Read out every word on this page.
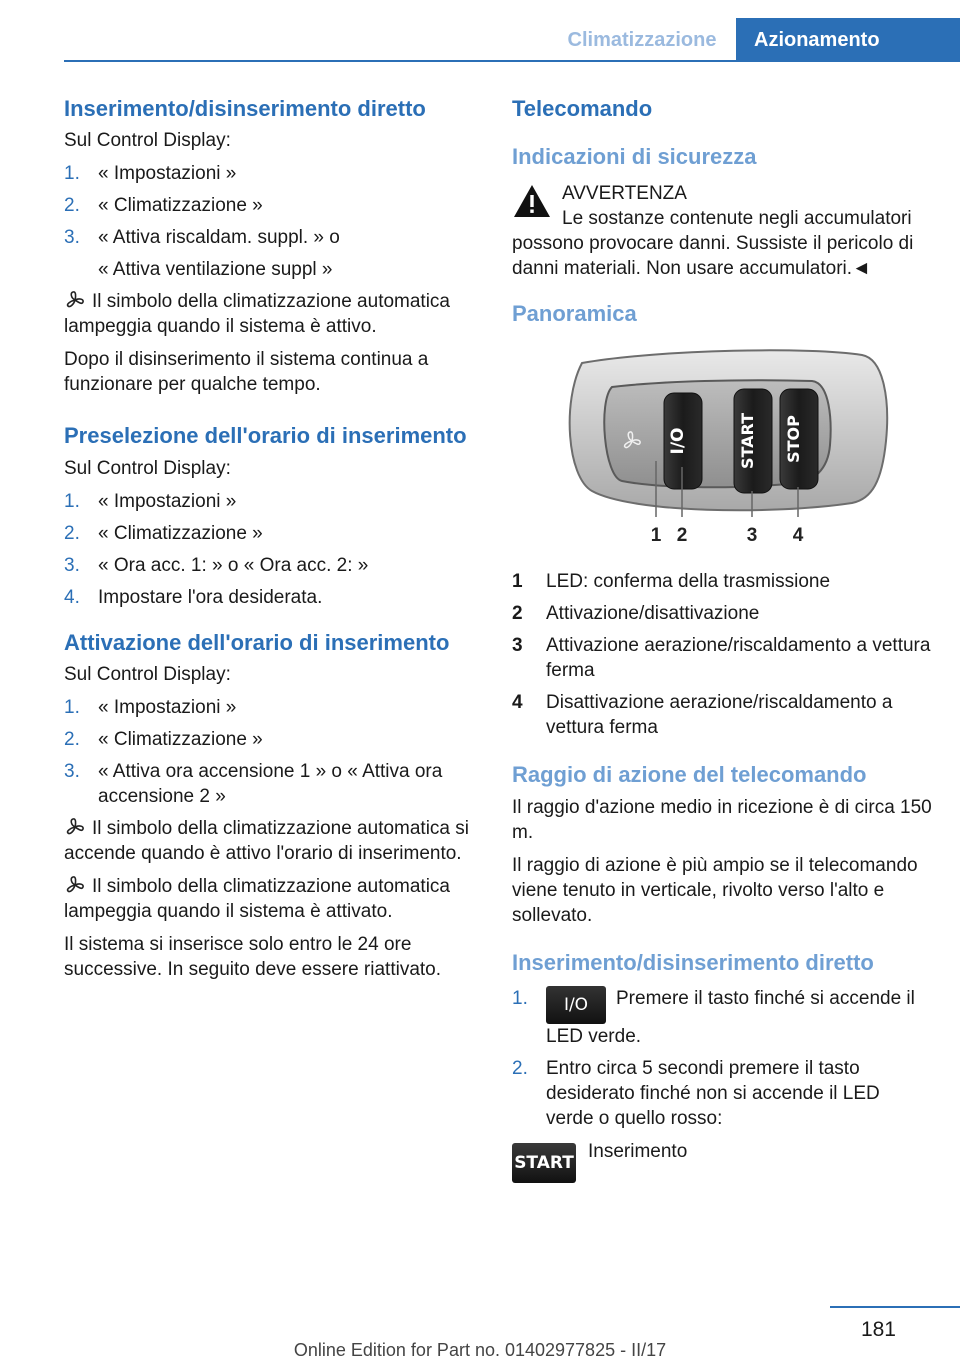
Climatizzazione	Azionamento
Inserimento/disinserimento diretto

Sul Control Display:

1. « Impostazioni »
2. « Climatizzazione »
3. « Attiva riscaldam. suppl. » o
« Attiva ventilazione suppl »

Il simbolo della climatizzazione automatica lampeggia quando il sistema è attivo.

Dopo il disinserimento il sistema continua a funzionare per qualche tempo.

Preselezione dell'orario di inserimento

Sul Control Display:

1. « Impostazioni »
2. « Climatizzazione »
3. « Ora acc. 1: » o « Ora acc. 2: »
4. Impostare l'ora desiderata.
Attivazione dell'orario di inserimento

Sul Control Display:

1. « Impostazioni »
2. « Climatizzazione »
3. « Attiva ora accensione 1 » o « Attiva ora accensione 2 »

Il simbolo della climatizzazione automatica si accende quando è attivo l'orario di inserimento.

Il simbolo della climatizzazione automatica lampeggia quando il sistema è attivato.

Il sistema si inserisce solo entro le 24 ore successive. In seguito deve essere riattivato.

Telecomando
Indicazioni di sicurezza

AVVERTENZA

Le sostanze contenute negli accumulatori possono provocare danni. Sussiste il pericolo di danni materiali. Non usare accumulatori.◄

Panoramica
I/O	START STOP
1 2	3 4
1 LED: conferma della trasmissione
2 Attivazione/disattivazione
3 Attivazione aerazione/riscaldamento a vettura ferma
4 Disattivazione aerazione/riscaldamento a vettura ferma
Raggio di azione del telecomando

Il raggio d'azione medio in ricezione è di circa 150 m.

Il raggio di azione è più ampio se il telecomando viene tenuto in verticale, rivolto verso l'alto e sollevato.

Inserimento/disinserimento diretto
1. I/O Premere il tasto finché si accende il LED verde.
2. Entro circa 5 secondi premere il tasto desiderato finché non si accende il LED verde o quello rosso:
START

Inserimento

181
Online Edition for Part no. 01402977825 - II/17
